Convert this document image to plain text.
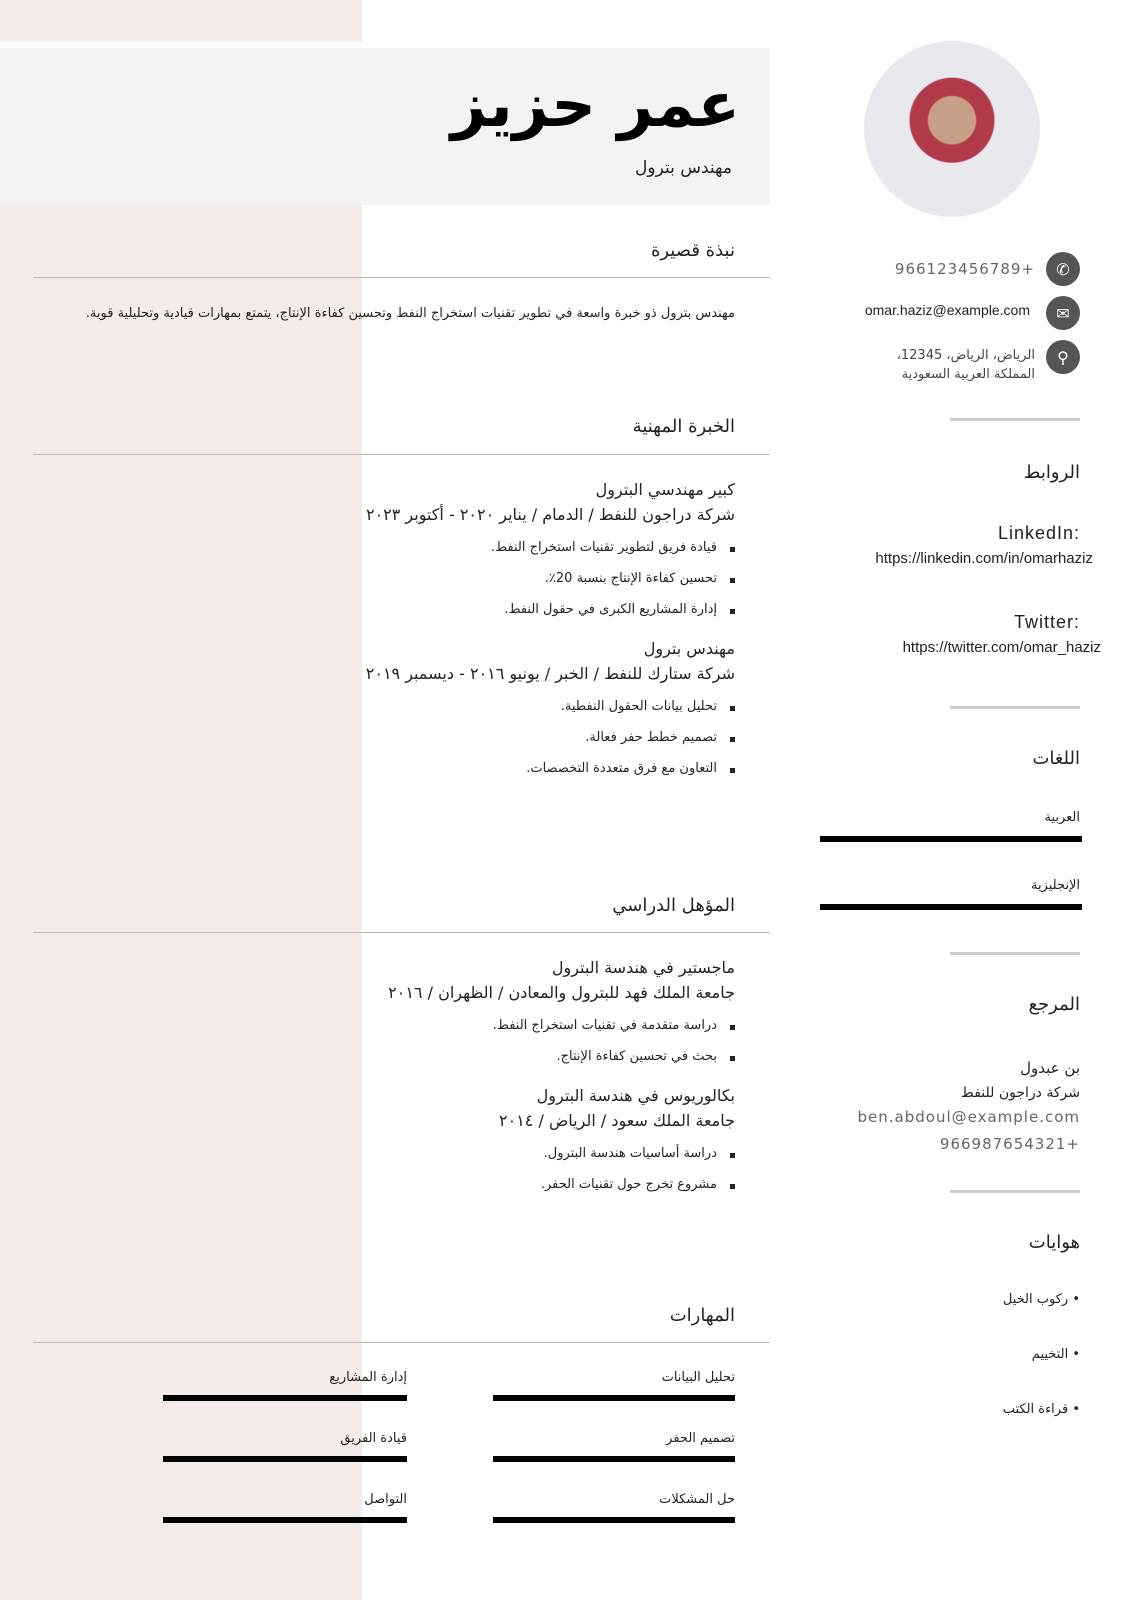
عمر حزيز
مهندس بترول
✆
966123456789+
✉
omar.haziz@example.com
⚲
الرياض، الرياض، 12345،
المملكة العربية السعودية
الروابط
LinkedIn:
https://linkedin.com/in/omarhaziz
Twitter:
https://twitter.com/omar_haziz
اللغات
العربية
الإنجليزية
المرجع
بن عبدول
شركة دراجون للنفط
ben.abdoul@example.com
966987654321+
هوايات
• ركوب الخيل
• التخييم
• قراءة الكتب
نبذة قصيرة
مهندس بترول ذو خبرة واسعة في تطوير تقنيات استخراج النفط وتحسين كفاءة الإنتاج، يتمتع بمهارات قيادية وتحليلية قوية.
الخبرة المهنية
كبير مهندسي البترول
شركة دراجون للنفط / الدمام / يناير ٢٠٢٠ - أكتوبر ٢٠٢٣
قيادة فريق لتطوير تقنيات استخراج النفط.
تحسين كفاءة الإنتاج بنسبة 20٪.
إدارة المشاريع الكبرى في حقول النفط.
مهندس بترول
شركة ستارك للنفط / الخبر / يونيو ٢٠١٦ - ديسمبر ٢٠١٩
تحليل بيانات الحقول النفطية.
تصميم خطط حفر فعالة.
التعاون مع فرق متعددة التخصصات.
المؤهل الدراسي
ماجستير في هندسة البترول
جامعة الملك فهد للبترول والمعادن / الظهران / ٢٠١٦
دراسة متقدمة في تقنيات استخراج النفط.
بحث في تحسين كفاءة الإنتاج.
بكالوريوس في هندسة البترول
جامعة الملك سعود / الرياض / ٢٠١٤
دراسة أساسيات هندسة البترول.
مشروع تخرج حول تقنيات الحفر.
المهارات
تحليل البيانات
إدارة المشاريع
تصميم الحفر
قيادة الفريق
حل المشكلات
التواصل
